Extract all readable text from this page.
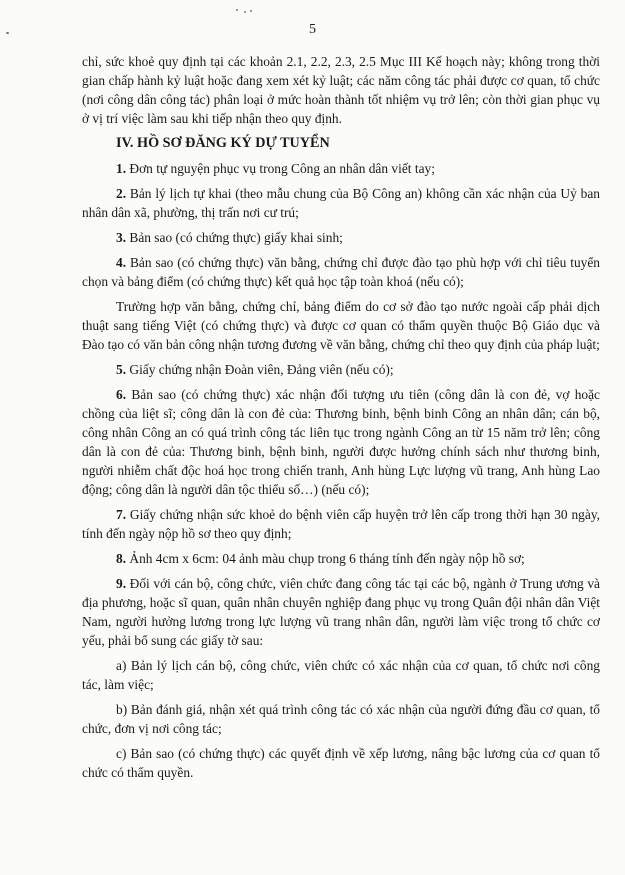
5

chỉ, sức khoẻ quy định tại các khoản 2.1, 2.2, 2.3, 2.5 Mục III Kế hoạch này; không trong thời gian chấp hành kỷ luật hoặc đang xem xét kỷ luật; các năm công tác phải được cơ quan, tổ chức (nơi công dân công tác) phân loại ở mức hoàn thành tốt nhiệm vụ trở lên; còn thời gian phục vụ ở vị trí việc làm sau khi tiếp nhận theo quy định.

IV. HỒ SƠ ĐĂNG KÝ DỰ TUYỂN

1. Đơn tự nguyện phục vụ trong Công an nhân dân viết tay;

2. Bản lý lịch tự khai (theo mẫu chung của Bộ Công an) không cần xác nhận của Uỷ ban nhân dân xã, phường, thị trấn nơi cư trú;

3. Bản sao (có chứng thực) giấy khai sinh;

4. Bản sao (có chứng thực) văn bằng, chứng chỉ được đào tạo phù hợp với chỉ tiêu tuyển chọn và bảng điểm (có chứng thực) kết quả học tập toàn khoá (nếu có);

Trường hợp văn bằng, chứng chỉ, bảng điểm do cơ sở đào tạo nước ngoài cấp phải dịch thuật sang tiếng Việt (có chứng thực) và được cơ quan có thẩm quyền thuộc Bộ Giáo dục và Đào tạo có văn bản công nhận tương đương về văn bằng, chứng chỉ theo quy định của pháp luật;

5. Giấy chứng nhận Đoàn viên, Đảng viên (nếu có);

6. Bản sao (có chứng thực) xác nhận đối tượng ưu tiên (công dân là con đẻ, vợ hoặc chồng của liệt sĩ; công dân là con đẻ của: Thương binh, bệnh binh Công an nhân dân; cán bộ, công nhân Công an có quá trình công tác liên tục trong ngành Công an từ 15 năm trở lên; công dân là con đẻ của: Thương binh, bệnh binh, người được hưởng chính sách như thương binh, người nhiễm chất độc hoá học trong chiến tranh, Anh hùng Lực lượng vũ trang, Anh hùng Lao động; công dân là người dân tộc thiểu số…) (nếu có);

7. Giấy chứng nhận sức khoẻ do bệnh viên cấp huyện trở lên cấp trong thời hạn 30 ngày, tính đến ngày nộp hồ sơ theo quy định;

8. Ảnh 4cm x 6cm: 04 ảnh màu chụp trong 6 tháng tính đến ngày nộp hồ sơ;

9. Đối với cán bộ, công chức, viên chức đang công tác tại các bộ, ngành ở Trung ương và địa phương, hoặc sĩ quan, quân nhân chuyên nghiệp đang phục vụ trong Quân đội nhân dân Việt Nam, người hưởng lương trong lực lượng vũ trang nhân dân, người làm việc trong tổ chức cơ yếu, phải bổ sung các giấy tờ sau:

a) Bản lý lịch cán bộ, công chức, viên chức có xác nhận của cơ quan, tổ chức nơi công tác, làm việc;

b) Bản đánh giá, nhận xét quá trình công tác có xác nhận của người đứng đầu cơ quan, tổ chức, đơn vị nơi công tác;

c) Bản sao (có chứng thực) các quyết định về xếp lương, nâng bậc lương của cơ quan tổ chức có thẩm quyền.
